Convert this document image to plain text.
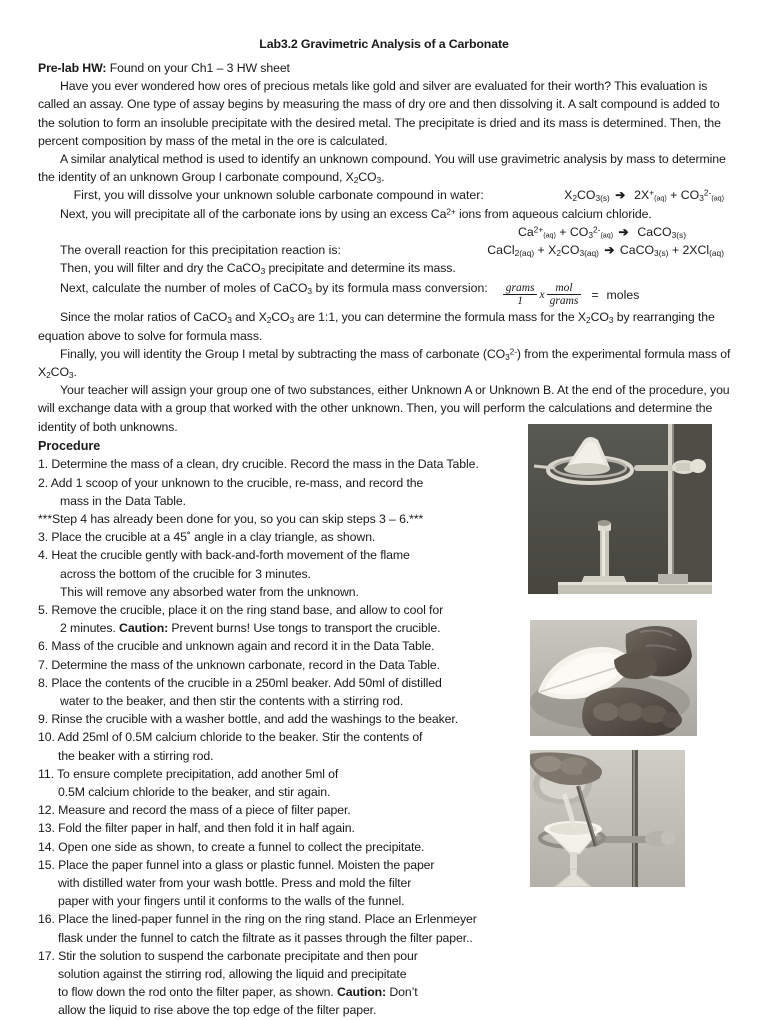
Lab3.2 Gravimetric Analysis of a Carbonate

Pre-lab HW: Found on your Ch1 – 3 HW sheet

Have you ever wondered how ores of precious metals like gold and silver are evaluated for their worth? This evaluation is called an assay. One type of assay begins by measuring the mass of dry ore and then dissolving it. A salt compound is added to the solution to form an insoluble precipitate with the desired metal. The precipitate is dried and its mass is determined. Then, the percent composition by mass of the metal in the ore is calculated.

A similar analytical method is used to identify an unknown compound. You will use gravimetric analysis by mass to determine the identity of an unknown Group I carbonate compound, $X_2CO_3$.

First, you will dissolve your unknown soluble carbonate compound in water:	$X_2CO_{3(s)}$ ➔  $2X^+(aq) + CO_3^{2-}(aq)$

Next, you will precipitate all of the carbonate ions by using an excess $Ca^{2+}$ ions from aqueous calcium chloride.

$Ca^{2+}(aq) + CO_3^{2-}(aq)$ ➔  CaCO$_{3(s)}$
The overall reaction for this precipitation reaction is:	CaCl$_{2(aq)}$ + $X_2CO_{3(aq)}$ ➔ CaCO$_{3(s)}$ + 2XCl$_{(aq)}$

Then, you will filter and dry the CaCO$_3$ precipitate and determine its mass.

Next, calculate the number of moles of CaCO$_3$ by its formula mass conversion: $\frac{\text{grams}}{1}$ x $\frac{\text{mol}}{\text{grams}}$ = moles

Since the molar ratios of CaCO$_3$ and $X_2CO_3$ are 1:1, you can determine the formula mass for the $X_2CO_3$ by rearranging the equation above to solve for formula mass.

Finally, you will identity the Group I metal by subtracting the mass of carbonate $(CO_3^{2-})$ from the experimental formula mass of $X_2CO_3$.

Your teacher will assign your group one of two substances, either Unknown A or Unknown B. At the end of the procedure, you will exchange data with a group that worked with the other unknown. Then, you will perform the calculations and determine the identity of both unknowns.

Procedure
1. Determine the mass of a clean, dry crucible. Record the mass in the Data Table.
2. Add 1 scoop of your unknown to the crucible, re-mass, and record the
mass in the Data Table.
***Step 4 has already been done for you, so you can skip steps 3 – 6.***
3. Place the crucible at a 45˚ angle in a clay triangle, as shown.
4. Heat the crucible gently with back-and-forth movement of the flame
across the bottom of the crucible for 3 minutes.
This will remove any absorbed water from the unknown.
5. Remove the crucible, place it on the ring stand base, and allow to cool for
2 minutes. Caution: Prevent burns! Use tongs to transport the crucible.
6. Mass of the crucible and unknown again and record it in the Data Table.
7. Determine the mass of the unknown carbonate, record in the Data Table.
8. Place the contents of the crucible in a 250ml beaker. Add 50ml of distilled
water to the beaker, and then stir the contents with a stirring rod.
9. Rinse the crucible with a washer bottle, and add the washings to the beaker.
10. Add 25ml of 0.5M calcium chloride to the beaker. Stir the contents of
the beaker with a stirring rod.
11. To ensure complete precipitation, add another 5ml of
0.5M calcium chloride to the beaker, and stir again.
12. Measure and record the mass of a piece of filter paper.
13. Fold the filter paper in half, and then fold it in half again.
14. Open one side as shown, to create a funnel to collect the precipitate.
15. Place the paper funnel into a glass or plastic funnel. Moisten the paper
with distilled water from your wash bottle. Press and mold the filter
paper with your fingers until it conforms to the walls of the funnel.
16. Place the lined-paper funnel in the ring on the ring stand. Place an Erlenmeyer
flask under the funnel to catch the filtrate as it passes through the filter paper..
17. Stir the solution to suspend the carbonate precipitate and then pour
solution against the stirring rod, allowing the liquid and precipitate
to flow down the rod onto the filter paper, as shown. Caution: Don’t
allow the liquid to rise above the top edge of the filter paper.
